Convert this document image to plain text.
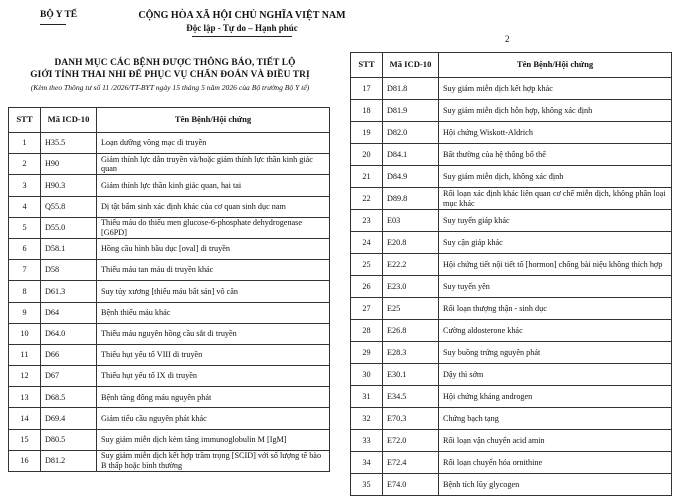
BỘ Y TẾ
DANH MỤC CÁC BỆNH ĐƯỢC THÔNG BÁO, TIẾT LỘ
GIỚI TÍNH THAI NHI ĐỂ PHỤC VỤ CHẨN ĐOÁN VÀ ĐIỀU TRỊ
(Kèm theo Thông tư số 11 /2026/TT-BYT ngày 15 tháng 5 năm 2026 của Bộ trưởng Bộ Y tế)
STT	Mã ICD-10	Tên Bệnh/Hội chứng
1	H35.5	Loạn dưỡng võng mạc di truyền
2	H90	Giảm thính lực dẫn truyền và/hoặc giảm thính lực thần kinh giác quan
3	H90.3	Giảm thính lực thần kinh giác quan, hai tai
4	Q55.8	Dị tật bẩm sinh xác định khác của cơ quan sinh dục nam
5	D55.0	Thiếu máu do thiếu men glucose-6-phosphate dehydrogenase [G6PD]
6	D58.1	Hồng cầu hình bầu dục [oval] di truyền
7	D58	Thiếu máu tan máu di truyền khác
8	D61.3	Suy tủy xương [thiếu máu bất sản] vô căn
9	D64	Bệnh thiếu máu khác
10	D64.0	Thiếu máu nguyên hồng cầu sắt di truyền
11	D66	Thiếu hụt yếu tố VIII di truyền
12	D67	Thiếu hụt yếu tố IX di truyền
13	D68.5	Bệnh tăng đông máu nguyên phát
14	D69.4	Giảm tiểu cầu nguyên phát khác
15	D80.5	Suy giảm miễn dịch kèm tăng immunoglobulin M [IgM]
16	D81.2	Suy giảm miễn dịch kết hợp trầm trọng [SCID] với số lượng tế bào B thấp hoặc bình thường
CỘNG HÒA XÃ HỘI CHỦ NGHĨA VIỆT NAM
Độc lập - Tự do – Hạnh phúc
2
STT	Mã ICD-10	Tên Bệnh/Hội chứng
17	D81.8	Suy giảm miễn dịch kết hợp khác
18	D81.9	Suy giảm miễn dịch hỗn hợp, không xác định
19	D82.0	Hội chứng Wiskott-Aldrich
20	D84.1	Bất thường của hệ thống bổ thể
21	D84.9	Suy giảm miễn dịch, không xác định
22	D89.8	Rối loạn xác định khác liên quan cơ chế miễn dịch, không phân loại mục khác
23	E03	Suy tuyến giáp khác
24	E20.8	Suy cận giáp khác
25	E22.2	Hội chứng tiết nội tiết tố [hormon] chống bài niệu không thích hợp
26	E23.0	Suy tuyến yên
27	E25	Rối loạn thượng thận - sinh dục
28	E26.8	Cường aldosterone khác
29	E28.3	Suy buồng trứng nguyên phát
30	E30.1	Dậy thì sớm
31	E34.5	Hội chứng kháng androgen
32	E70.3	Chứng bạch tạng
33	E72.0	Rối loạn vận chuyển acid amin
34	E72.4	Rối loạn chuyển hóa ornithine
35	E74.0	Bệnh tích lũy glycogen
